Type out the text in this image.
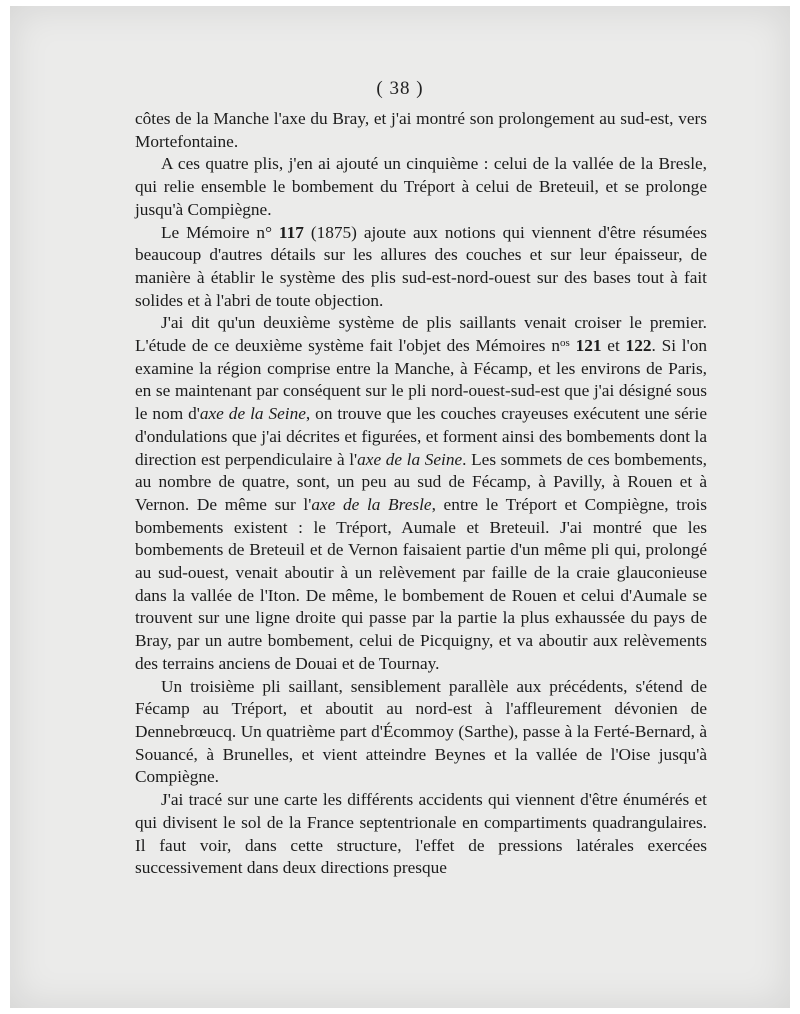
( 38 )

côtes de la Manche l'axe du Bray, et j'ai montré son prolongement au sud-est, vers Mortefontaine.

A ces quatre plis, j'en ai ajouté un cinquième : celui de la vallée de la Bresle, qui relie ensemble le bombement du Tréport à celui de Breteuil, et se prolonge jusqu'à Compiègne.

Le Mémoire n° 117 (1875) ajoute aux notions qui viennent d'être résumées beaucoup d'autres détails sur les allures des couches et sur leur épaisseur, de manière à établir le système des plis sud-est-nord-ouest sur des bases tout à fait solides et à l'abri de toute objection.

J'ai dit qu'un deuxième système de plis saillants venait croiser le premier. L'étude de ce deuxième système fait l'objet des Mémoires $n^{os}$ 121 et 122. Si l'on examine la région comprise entre la Manche, à Fécamp, et les environs de Paris, en se maintenant par conséquent sur le pli nord-ouest-sud-est que j'ai désigné sous le nom d'axe de la Seine, on trouve que les couches crayeuses exécutent une série d'ondulations que j'ai décrites et figurées, et forment ainsi des bombements dont la direction est perpendiculaire à l'axe de la Seine. Les sommets de ces bombements, au nombre de quatre, sont, un peu au sud de Fécamp, à Pavilly, à Rouen et à Vernon. De même sur l'axe de la Bresle, entre le Tréport et Compiègne, trois bombements existent : le Tréport, Aumale et Breteuil. J'ai montré que les bombements de Breteuil et de Vernon faisaient partie d'un même pli qui, prolongé au sud-ouest, venait aboutir à un relèvement par faille de la craie glauconieuse dans la vallée de l'Iton. De même, le bombement de Rouen et celui d'Aumale se trouvent sur une ligne droite qui passe par la partie la plus exhaussée du pays de Bray, par un autre bombement, celui de Picquigny, et va aboutir aux relèvements des terrains anciens de Douai et de Tournay.

Un troisième pli saillant, sensiblement parallèle aux précédents, s'étend de Fécamp au Tréport, et aboutit au nord-est à l'affleurement dévonien de Dennebrœucq. Un quatrième part d'Écommoy (Sarthe), passe à la Ferté-Bernard, à Souancé, à Brunelles, et vient atteindre Beynes et la vallée de l'Oise jusqu'à Compiègne.

J'ai tracé sur une carte les différents accidents qui viennent d'être énumérés et qui divisent le sol de la France septentrionale en compartiments quadrangulaires. Il faut voir, dans cette structure, l'effet de pressions latérales exercées successivement dans deux directions presque
